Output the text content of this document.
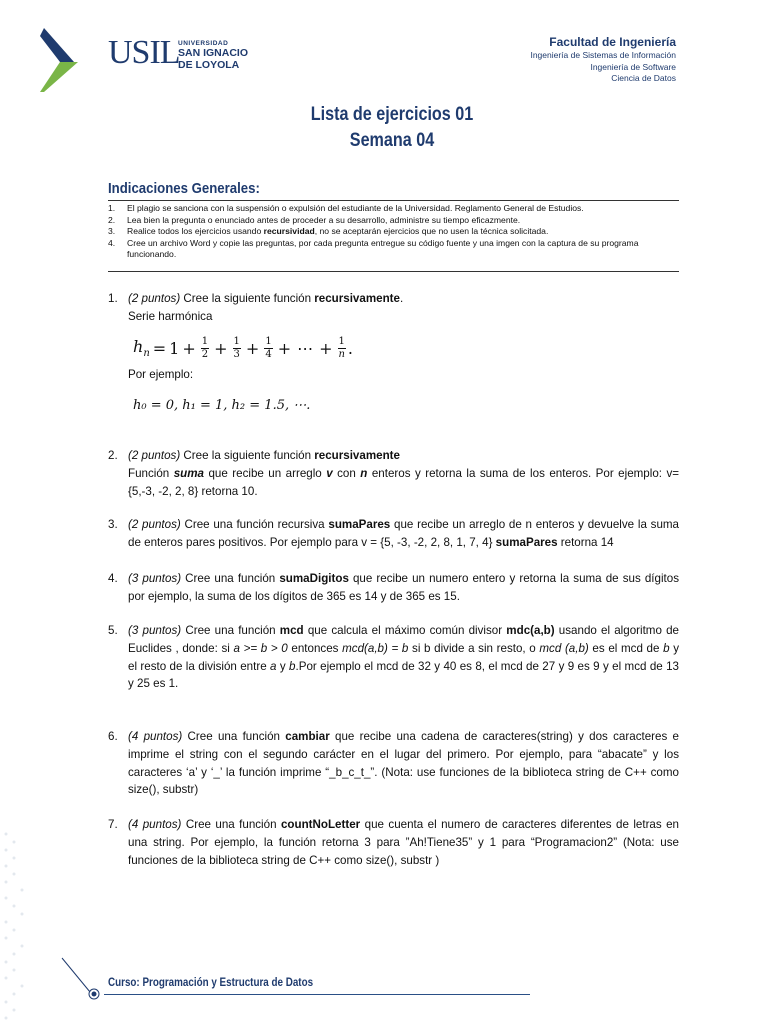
USIL
UNIVERSIDAD
SAN IGNACIO
DE LOYOLA
Facultad de Ingeniería
Ingeniería de Sistemas de Información
Ingeniería de Software
Ciencia de Datos
Lista de ejercicios 01
Semana 04
Indicaciones Generales:
1.	El plagio se sanciona con la suspensión o expulsión del estudiante de la Universidad. Reglamento General de Estudios.
2.	Lea bien la pregunta o enunciado antes de proceder a su desarrollo, administre su tiempo eficazmente.
3.	Realice todos los ejercicios usando recursividad, no se aceptarán ejercicios que no usen la técnica solicitada.
4.	Cree un archivo Word y copie las preguntas, por cada pregunta entregue su código fuente y una imgen con la captura de su programa funcionando.
1. (2 puntos) Cree la siguiente función recursivamente.
Serie harmónica
$h_n = 1 + \frac{1}{2} + \frac{1}{3} + \frac{1}{4}$ + ⋯ + $\frac{1}{n}$ .
Por ejemplo:
h₀ = 0, h₁ = 1, h₂ = 1.5, ⋯.
2. (2 puntos) Cree la siguiente función recursivamente
Función suma que recibe un arreglo v con n enteros y retorna la suma de los enteros. Por ejemplo: v= {5,-3, -2, 2, 8} retorna 10.
3. (2 puntos) Cree una función recursiva sumaPares que recibe un arreglo de n enteros y devuelve la suma de enteros pares positivos. Por ejemplo para v = {5, -3, -2, 2, 8, 1, 7, 4} sumaPares retorna 14
4. (3 puntos) Cree una función sumaDigitos que recibe un numero entero y retorna la suma de sus dígitos por ejemplo, la suma de los dígitos de 365 es 14 y de 365 es 15.
5. (3 puntos) Cree una función mcd que calcula el máximo común divisor mdc(a,b) usando el algoritmo de Euclides , donde: si a >= b > 0 entonces mcd(a,b) = b si b divide a sin resto, o mcd (a,b) es el mcd de b y el resto de la división entre a y b.Por ejemplo el mcd de 32 y 40 es 8, el mcd de 27 y 9 es 9 y el mcd de 13 y 25 es 1.
6. (4 puntos) Cree una función cambiar que recibe una cadena de caracteres(string) y dos caracteres e imprime el string con el segundo carácter en el lugar del primero. Por ejemplo, para “abacate” y los caracteres ‘a’ y ‘_’ la función imprime “_b_c_t_”. (Nota: use funciones de la biblioteca string de C++ como size(), substr)
7. (4 puntos) Cree una función countNoLetter que cuenta el numero de caracteres diferentes de letras en una string. Por ejemplo, la función retorna 3 para ”Ah!Tiene35” y 1 para “Programacion2” (Nota: use funciones de la biblioteca string de C++ como size(), substr )
Curso: Programación y Estructura de Datos
